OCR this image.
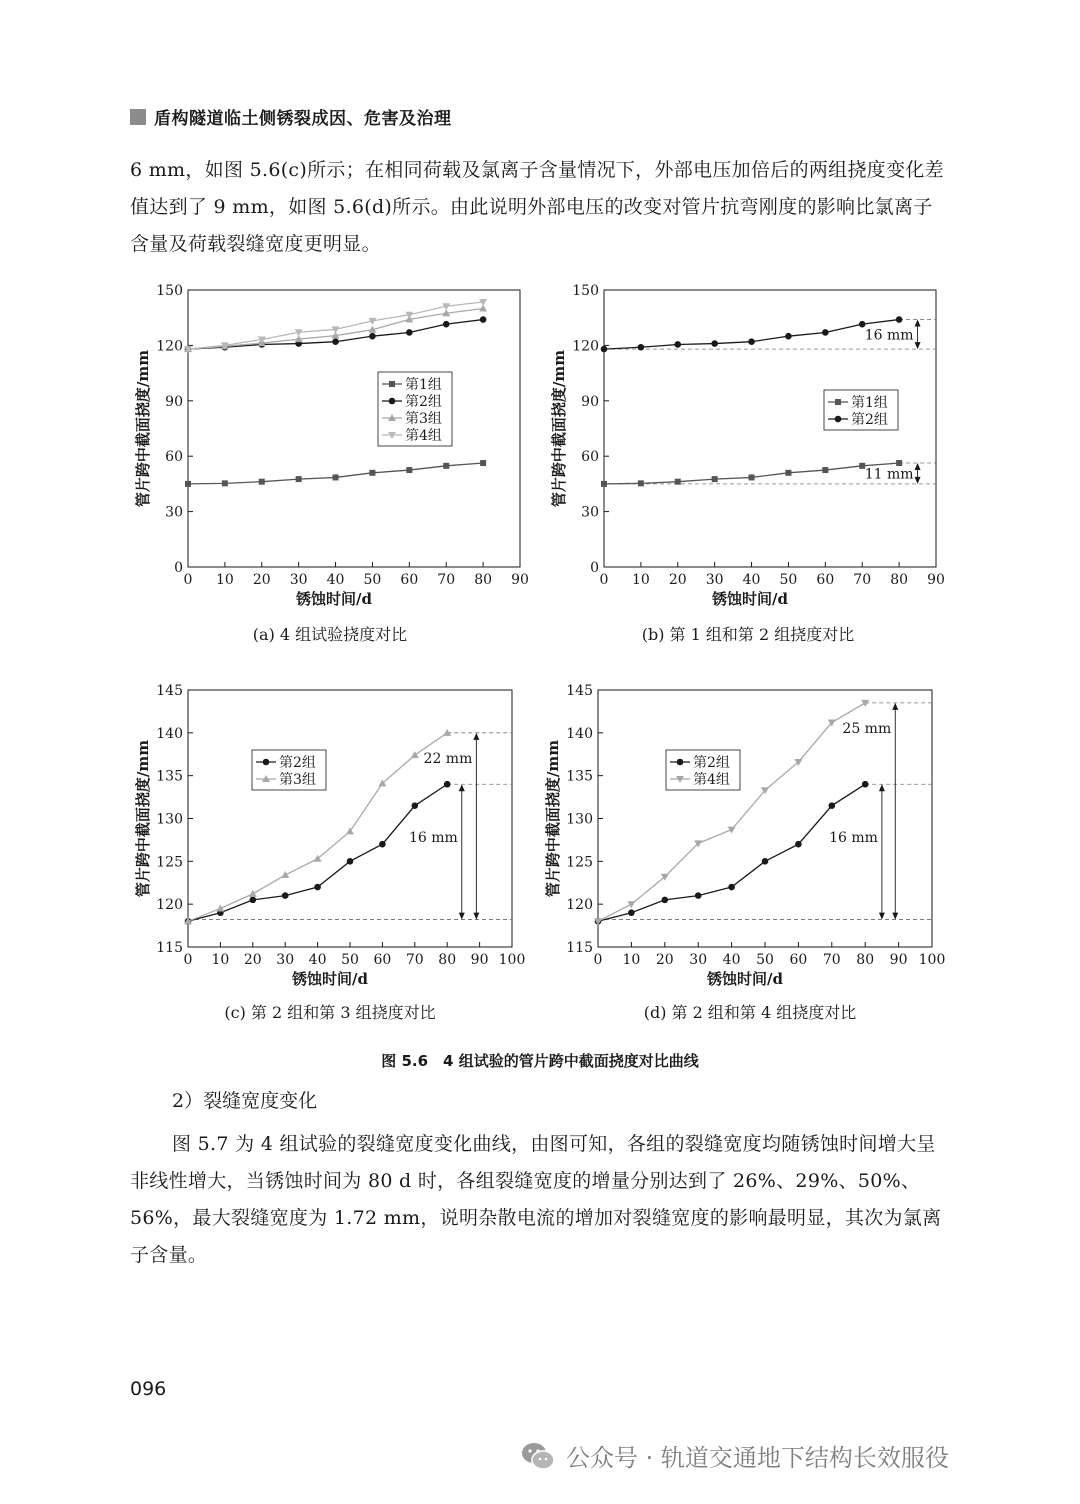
盾构隧道临土侧锈裂成因、危害及治理

6 mm，如图 5.6(c)所示；在相同荷载及氯离子含量情况下，外部电压加倍后的两组挠度变化差值达到了 9 mm，如图 5.6(d)所示。由此说明外部电压的改变对管片抗弯刚度的影响比氯离子含量及荷载裂缝宽度更明显。

0 10 20 30 40 50 60 70 80 90
0
30
60
90
120
150
锈蚀时间/d
管片跨中截面挠度/mm	第1组
第2组
第3组
第4组
0 10 20 30 40 50 60 70 80 90
0
30
60
90
120
150
锈蚀时间/d
管片跨中截面挠度/mm
16 mm
11 mm
第1组
第2组
0 10 20 30 40 50 60 70 80 90 100
115
120
125
130
135
140
145
锈蚀时间/d
管片跨中截面挠度/mm	16 mm
22 mm
第2组
第3组
0 10 20 30 40 50 60 70 80 90 100
115
120
125
130
135
140
145
锈蚀时间/d
管片跨中截面挠度/mm	16 mm
25 mm
第2组
第4组
(a) 4 组试验挠度对比	(b) 第 1 组和第 2 组挠度对比
(c) 第 2 组和第 3 组挠度对比	(d) 第 2 组和第 4 组挠度对比
图 5.6　4 组试验的管片跨中截面挠度对比曲线

2）裂缝宽度变化

图 5.7 为 4 组试验的裂缝宽度变化曲线，由图可知，各组的裂缝宽度均随锈蚀时间增大呈非线性增大，当锈蚀时间为 80 d 时，各组裂缝宽度的增量分别达到了 26%、29%、50%、56%，最大裂缝宽度为 1.72 mm，说明杂散电流的增加对裂缝宽度的影响最明显，其次为氯离子含量。

096
公众号 · 轨道交通地下结构长效服役
